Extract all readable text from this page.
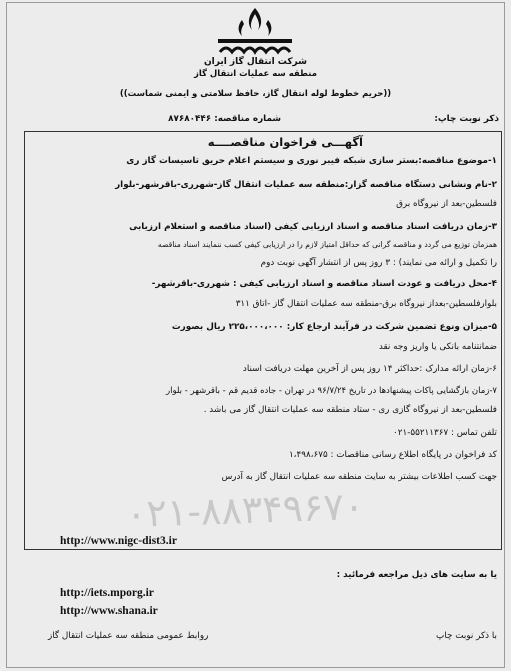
شرکت انتقال گاز ایران
منطقه سه عملیات انتقال گاز
((حریم خطوط لوله انتقال گاز، حافظ سلامتی و ایمنی شماست))
ذکر نوبت چاپ:
شماره مناقصه: ۸۷۶۸۰۴۴۶
آگهـــی فراخوان مناقصــــه
۱-موضوع مناقصه:بستر سازی شبکه فیبر نوری و سیستم اعلام حریق تاسیسات گاز ری
۲-نام ونشانی دستگاه مناقصه گزار:منطقه سه عملیات انتقال گاز-شهرری-باقرشهر-بلوار
فلسطین-بعد از نیروگاه برق
۳-زمان دریافت اسناد مناقصه و اسناد ارزیابی کیفی (اسناد مناقصه و استعلام ارزیابی
همزمان توزیع می گردد و مناقصه گرانی که حداقل امتیاز لازم را در ارزیابی کیفی کسب ننمایند اسناد مناقصه
را تکمیل و ارائه می نمایند) : ۳ روز پس از انتشار آگهی نوبت دوم
۴-محل دریافت و عودت اسناد مناقصه و اسناد ارزیابی کیفی : شهرری-باقرشهر-
بلوارفلسطین-بعداز نیروگاه برق-منطقه سه عملیات انتقال گاز -اتاق ۳۱۱
۵-میزان ونوع تضمین شرکت در فرآیند ارجاع کار: ۲۲۵،۰۰۰،۰۰۰ ریال بصورت
ضمانتنامه بانکی یا واریز وجه نقد
۶-زمان ارائه مدارک :حداکثر ۱۴ روز پس از آخرین مهلت دریافت اسناد
۷-زمان بازگشایی پاکات پیشنهادها در تاریخ ۹۶/۷/۲۴ در تهران - جاده قدیم قم - باقرشهر - بلوار
فلسطین-بعد از نیروگاه گازی ری - ستاد منطقه سه عملیات انتقال گاز می باشد .
۰۲۱-۸۸۳۴۹۶۷۰
تلفن تماس : ۵۵۲۱۱۳۶۷-۰۲۱
کد فراخوان در پایگاه اطلاع رسانی مناقصات : ۱،۴۹۸،۶۷۵
جهت کسب اطلاعات بیشتر به سایت منطقه سه عملیات انتقال گاز به آدرس
http://www.nigc-dist3.ir
یا به سایت های ذیل مراجعه فرمائید :
http://iets.mporg.ir
http://www.shana.ir
با ذکر نوبت چاپ
روابط عمومی منطقه سه عملیات انتقال گاز
